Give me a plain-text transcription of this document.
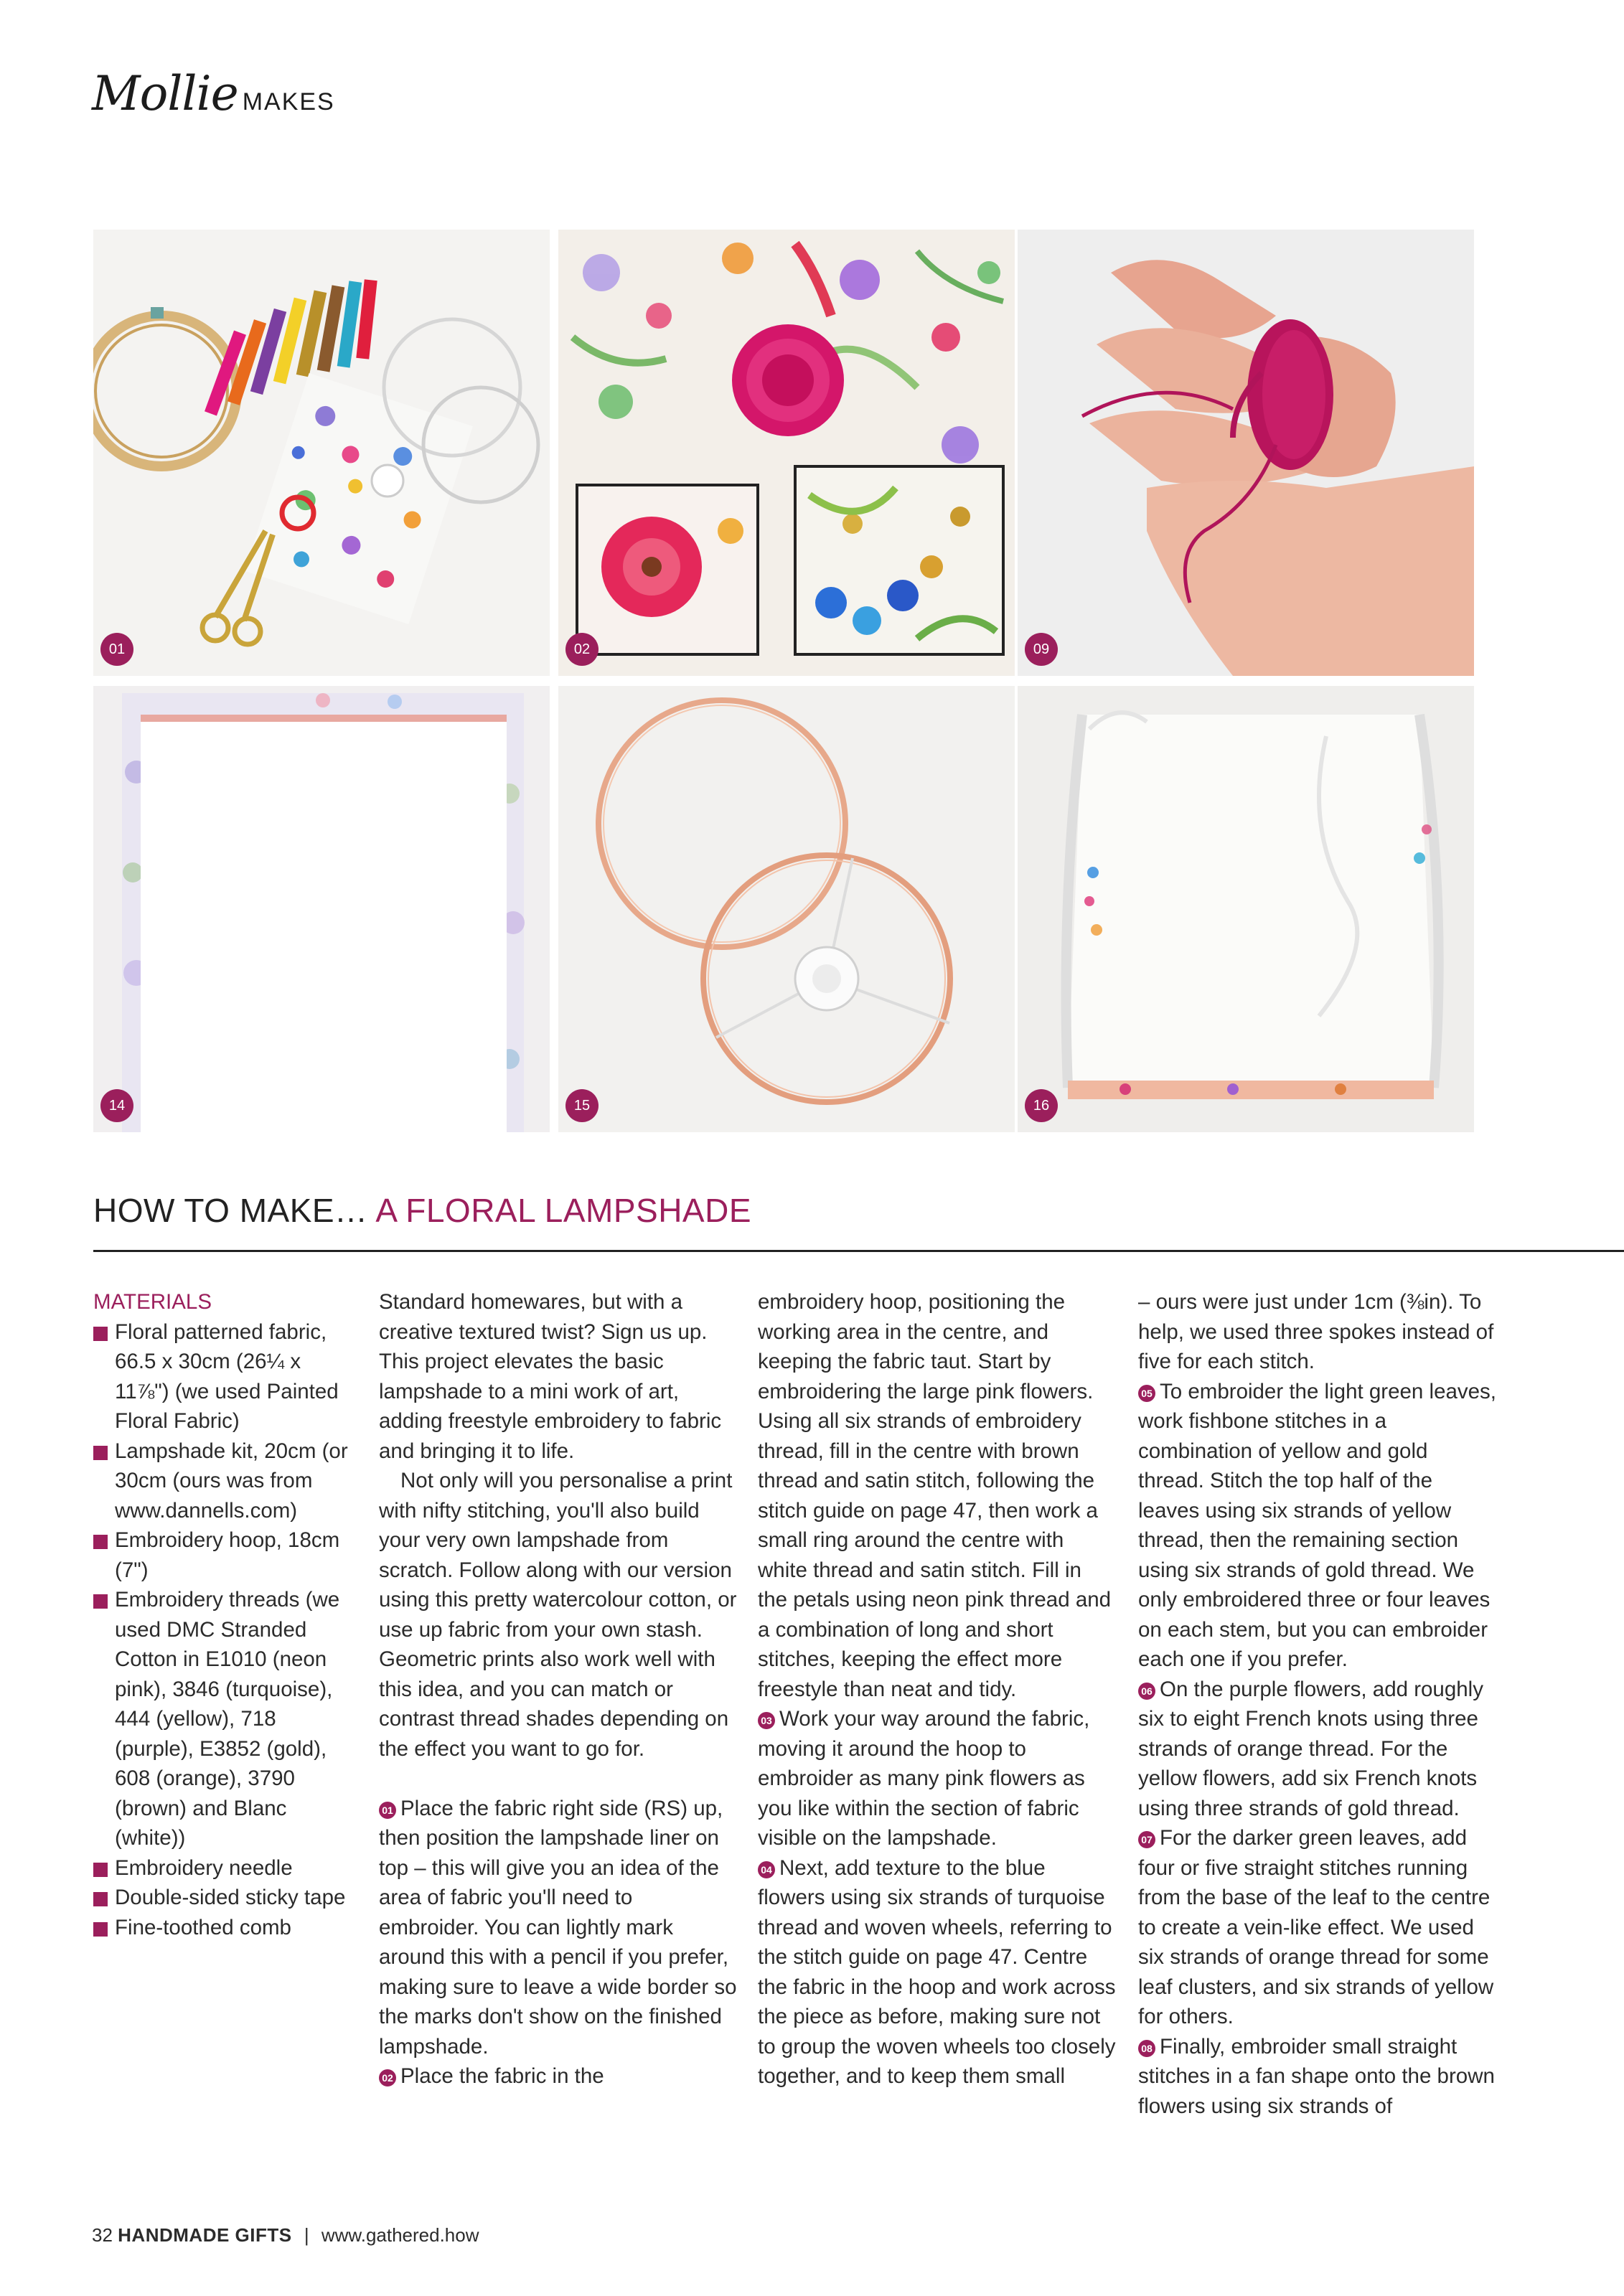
Mollie MAKES
01	02	09
14	15	16
HOW TO MAKE… A FLORAL LAMPSHADE
MATERIALS
Floral patterned fabric, 66.5 x 30cm (26¼ x 11⅞") (we used Painted Floral Fabric)
Lampshade kit, 20cm (or 30cm (ours was from www.dannells.com)
Embroidery hoop, 18cm (7")
Embroidery threads (we used DMC Stranded Cotton in E1010 (neon pink), 3846 (turquoise), 444 (yellow), 718 (purple), E3852 (gold), 608 (orange), 3790 (brown) and Blanc (white))
Embroidery needle
Double-sided sticky tape
Fine-toothed comb

Standard homewares, but with a creative textured twist? Sign us up. This project elevates the basic lampshade to a mini work of art, adding freestyle embroidery to fabric and bringing it to life.

Not only will you personalise a print with nifty stitching, you'll also build your very own lampshade from scratch. Follow along with our version using this pretty watercolour cotton, or use up fabric from your own stash. Geometric prints also work well with this idea, and you can match or contrast thread shades depending on the effect you want to go for.

01 Place the fabric right side (RS) up, then position the lampshade liner on top – this will give you an idea of the area of fabric you'll need to embroider. You can lightly mark around this with a pencil if you prefer, making sure to leave a wide border so the marks don't show on the finished lampshade.

02 Place the fabric in the

embroidery hoop, positioning the working area in the centre, and keeping the fabric taut. Start by embroidering the large pink flowers. Using all six strands of embroidery thread, fill in the centre with brown thread and satin stitch, following the stitch guide on page 47, then work a small ring around the centre with white thread and satin stitch. Fill in the petals using neon pink thread and a combination of long and short stitches, keeping the effect more freestyle than neat and tidy.

03 Work your way around the fabric, moving it around the hoop to embroider as many pink flowers as you like within the section of fabric visible on the lampshade.

04 Next, add texture to the blue flowers using six strands of turquoise thread and woven wheels, referring to the stitch guide on page 47. Centre the fabric in the hoop and work across the piece as before, making sure not to group the woven wheels too closely together, and to keep them small

– ours were just under 1cm (⅜in). To help, we used three spokes instead of five for each stitch.

05 To embroider the light green leaves, work fishbone stitches in a combination of yellow and gold thread. Stitch the top half of the leaves using six strands of yellow thread, then the remaining section using six strands of gold thread. We only embroidered three or four leaves on each stem, but you can embroider each one if you prefer.

06 On the purple flowers, add roughly six to eight French knots using three strands of orange thread. For the yellow flowers, add six French knots using three strands of gold thread.

07 For the darker green leaves, add four or five straight stitches running from the base of the leaf to the centre to create a vein-like effect. We used six strands of orange thread for some leaf clusters, and six strands of yellow for others.

08 Finally, embroider small straight stitches in a fan shape onto the brown flowers using six strands of

32 HANDMADE GIFTS | www.gathered.how
